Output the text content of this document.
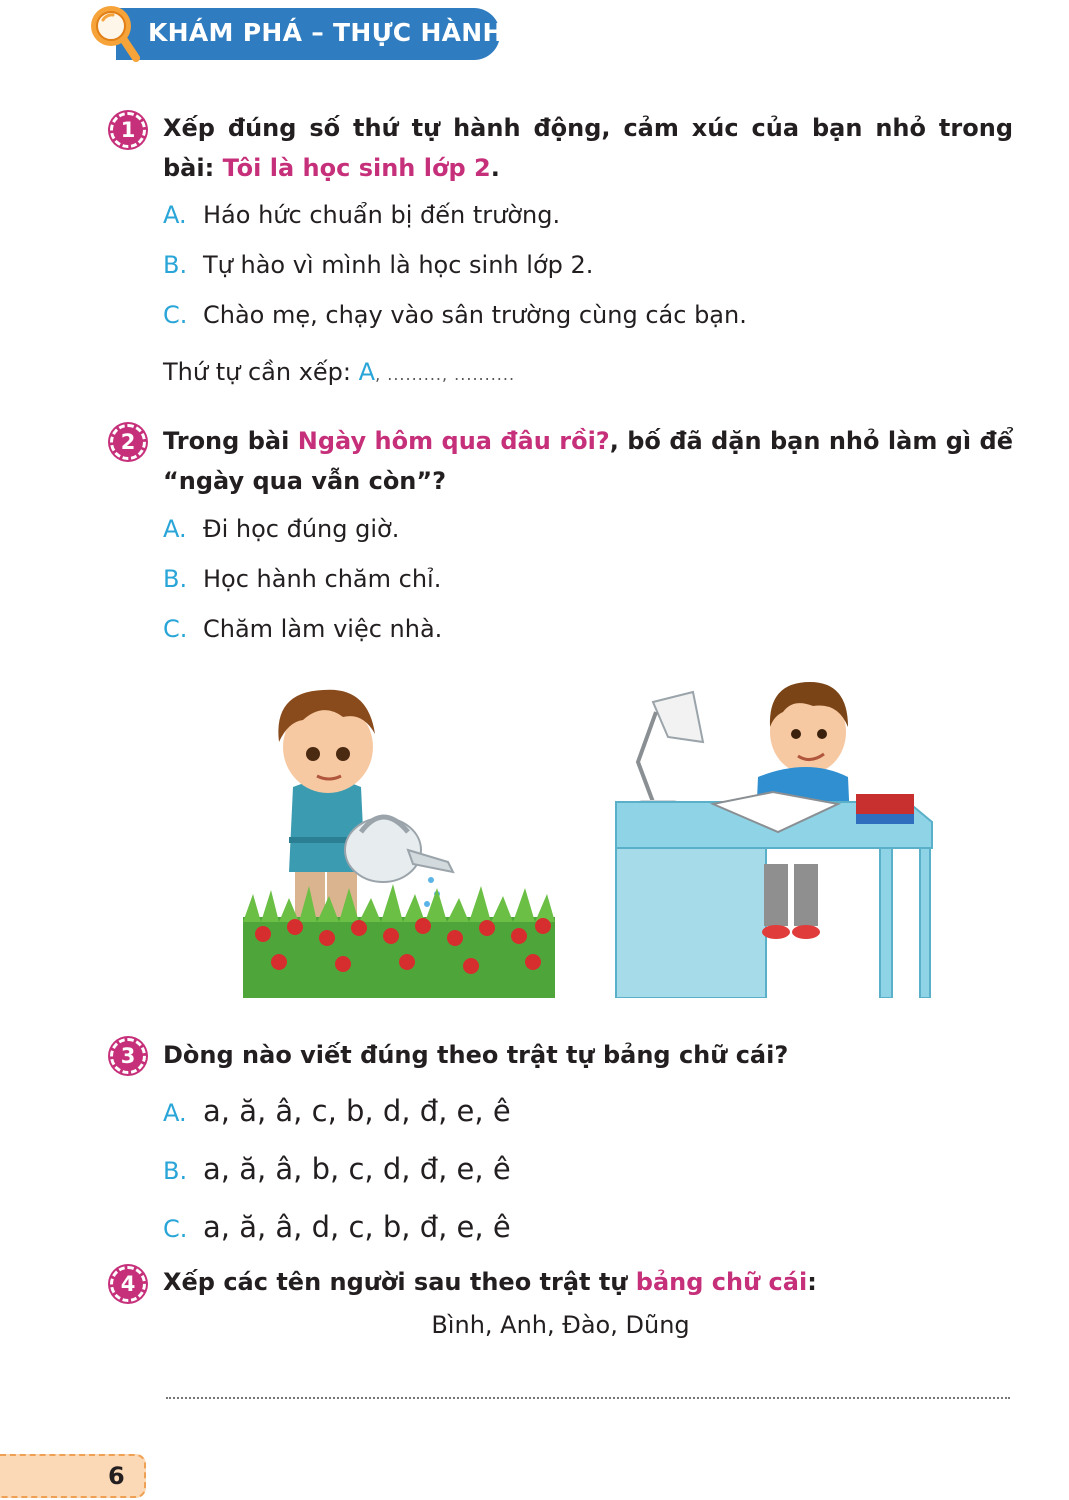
KHÁM PHÁ – THỰC HÀNH
1	Xếp đúng số thứ tự hành động, cảm xúc của bạn nhỏ trong bài: Tôi là học sinh lớp 2.
A. Háo hức chuẩn bị đến trường.
B. Tự hào vì mình là học sinh lớp 2.
C. Chào mẹ, chạy vào sân trường cùng các bạn.
Thứ tự cần xếp: A, ........., ..........
2	Trong bài Ngày hôm qua đâu rồi?, bố đã dặn bạn nhỏ làm gì để “ngày qua vẫn còn”?
A. Đi học đúng giờ.
B. Học hành chăm chỉ.
C. Chăm làm việc nhà.
3	Dòng nào viết đúng theo trật tự bảng chữ cái?
A. a, ă, â, c, b, d, đ, e, ê
B. a, ă, â, b, c, d, đ, e, ê
C. a, ă, â, d, c, b, đ, e, ê
4	Xếp các tên người sau theo trật tự bảng chữ cái:
Bình, Anh, Đào, Dũng
6
